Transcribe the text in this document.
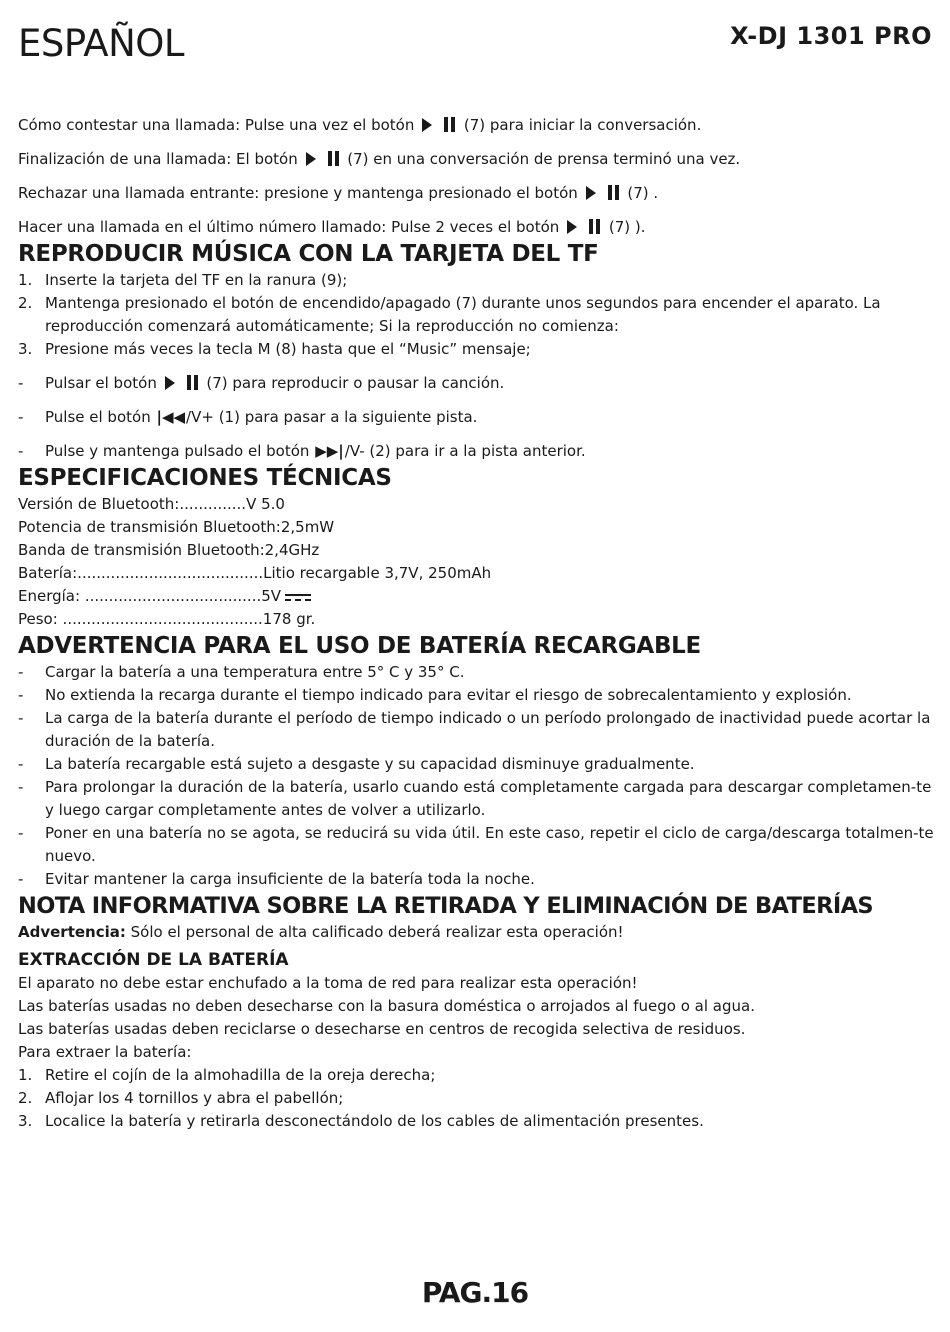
ESPAÑOL	X-DJ 1301 PRO

Cómo contestar una llamada: Pulse una vez el botón	(7) para iniciar la conversación.

Finalización de una llamada: El botón	(7) en una conversación de prensa terminó una vez.

Rechazar una llamada entrante: presione y mantenga presionado el botón	(7) .

Hacer una llamada en el último número llamado: Pulse 2 veces el botón	(7) ).

REPRODUCIR MÚSICA CON LA TARJETA DEL TF
1. Inserte la tarjeta del TF en la ranura (9);
2. Mantenga presionado el botón de encendido/apagado (7) durante unos segundos para encender el aparato. La reproducción comenzará automáticamente; Si la reproducción no comienza:
3. Presione más veces la tecla M (8) hasta que el “Music” mensaje;
- Pulsar el botón	(7) para reproducir o pausar la canción.
- Pulse el botón |◀◀/V+ (1) para pasar a la siguiente pista.
- Pulse y mantenga pulsado el botón ▶▶|/V- (2) para ir a la pista anterior.
ESPECIFICACIONES TÉCNICAS
Versión de Bluetooth:..............V 5.0
Potencia de transmisión Bluetooth:2,5mW
Banda de transmisión Bluetooth:2,4GHz
Batería:.......................................Litio recargable 3,7V, 250mAh
Energía: .....................................5V
Peso: ..........................................178 gr.
ADVERTENCIA PARA EL USO DE BATERÍA RECARGABLE
- Cargar la batería a una temperatura entre 5° C y 35° C.
- No extienda la recarga durante el tiempo indicado para evitar el riesgo de sobrecalentamiento y explosión.
- La carga de la batería durante el período de tiempo indicado o un período prolongado de inactividad puede acortar la duración de la batería.
- La batería recargable está sujeto a desgaste y su capacidad disminuye gradualmente.
- Para prolongar la duración de la batería, usarlo cuando está completamente cargada para descargar completamen-te y luego cargar completamente antes de volver a utilizarlo.
- Poner en una batería no se agota, se reducirá su vida útil. En este caso, repetir el ciclo de carga/descarga totalmen-te nuevo.
- Evitar mantener la carga insuficiente de la batería toda la noche.
NOTA INFORMATIVA SOBRE LA RETIRADA Y ELIMINACIÓN DE BATERÍAS

Advertencia: Sólo el personal de alta calificado deberá realizar esta operación!

EXTRACCIÓN DE LA BATERÍA

El aparato no debe estar enchufado a la toma de red para realizar esta operación!

Las baterías usadas no deben desecharse con la basura doméstica o arrojados al fuego o al agua.

Las baterías usadas deben reciclarse o desecharse en centros de recogida selectiva de residuos.

Para extraer la batería:

1. Retire el cojín de la almohadilla de la oreja derecha;
2. Aflojar los 4 tornillos y abra el pabellón;
3. Localice la batería y retirarla desconectándolo de los cables de alimentación presentes.
PAG.16
